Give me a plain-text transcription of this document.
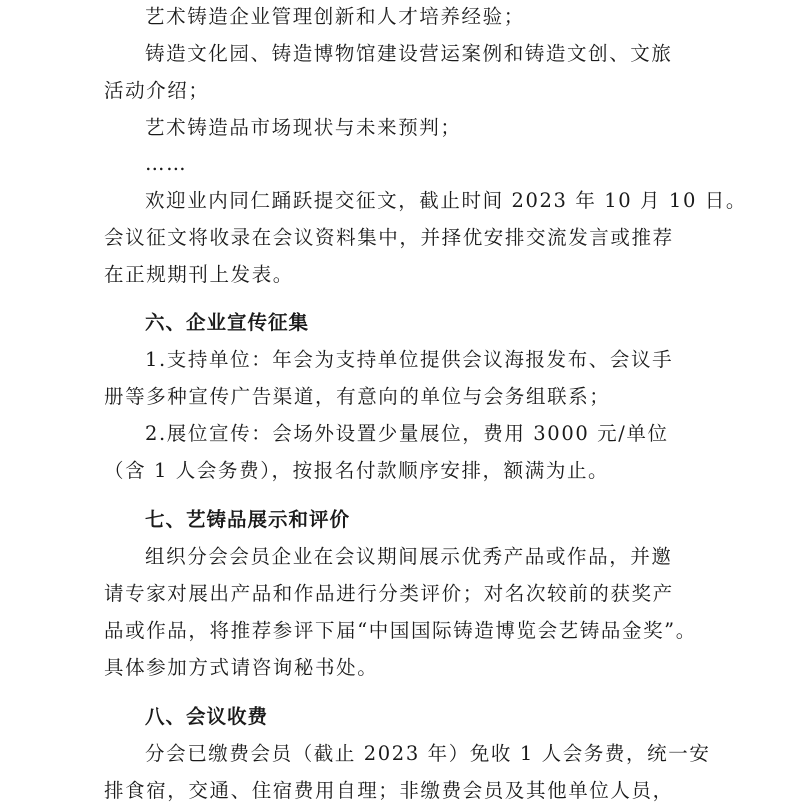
艺术铸造企业管理创新和人才培养经验；
铸造文化园、铸造博物馆建设营运案例和铸造文创、文旅
活动介绍；
艺术铸造品市场现状与未来预判；
……
欢迎业内同仁踊跃提交征文，截止时间 2023 年 10 月 10 日。
会议征文将收录在会议资料集中，并择优安排交流发言或推荐
在正规期刊上发表。
六、企业宣传征集
1.支持单位：年会为支持单位提供会议海报发布、会议手
册等多种宣传广告渠道，有意向的单位与会务组联系；
2.展位宣传：会场外设置少量展位，费用 3000 元/单位
（含 1 人会务费），按报名付款顺序安排，额满为止。
七、艺铸品展示和评价
组织分会会员企业在会议期间展示优秀产品或作品，并邀
请专家对展出产品和作品进行分类评价；对名次较前的获奖产
品或作品，将推荐参评下届“中国国际铸造博览会艺铸品金奖”。
具体参加方式请咨询秘书处。
八、会议收费
分会已缴费会员（截止 2023 年）免收 1 人会务费，统一安
排食宿，交通、住宿费用自理；非缴费会员及其他单位人员，
